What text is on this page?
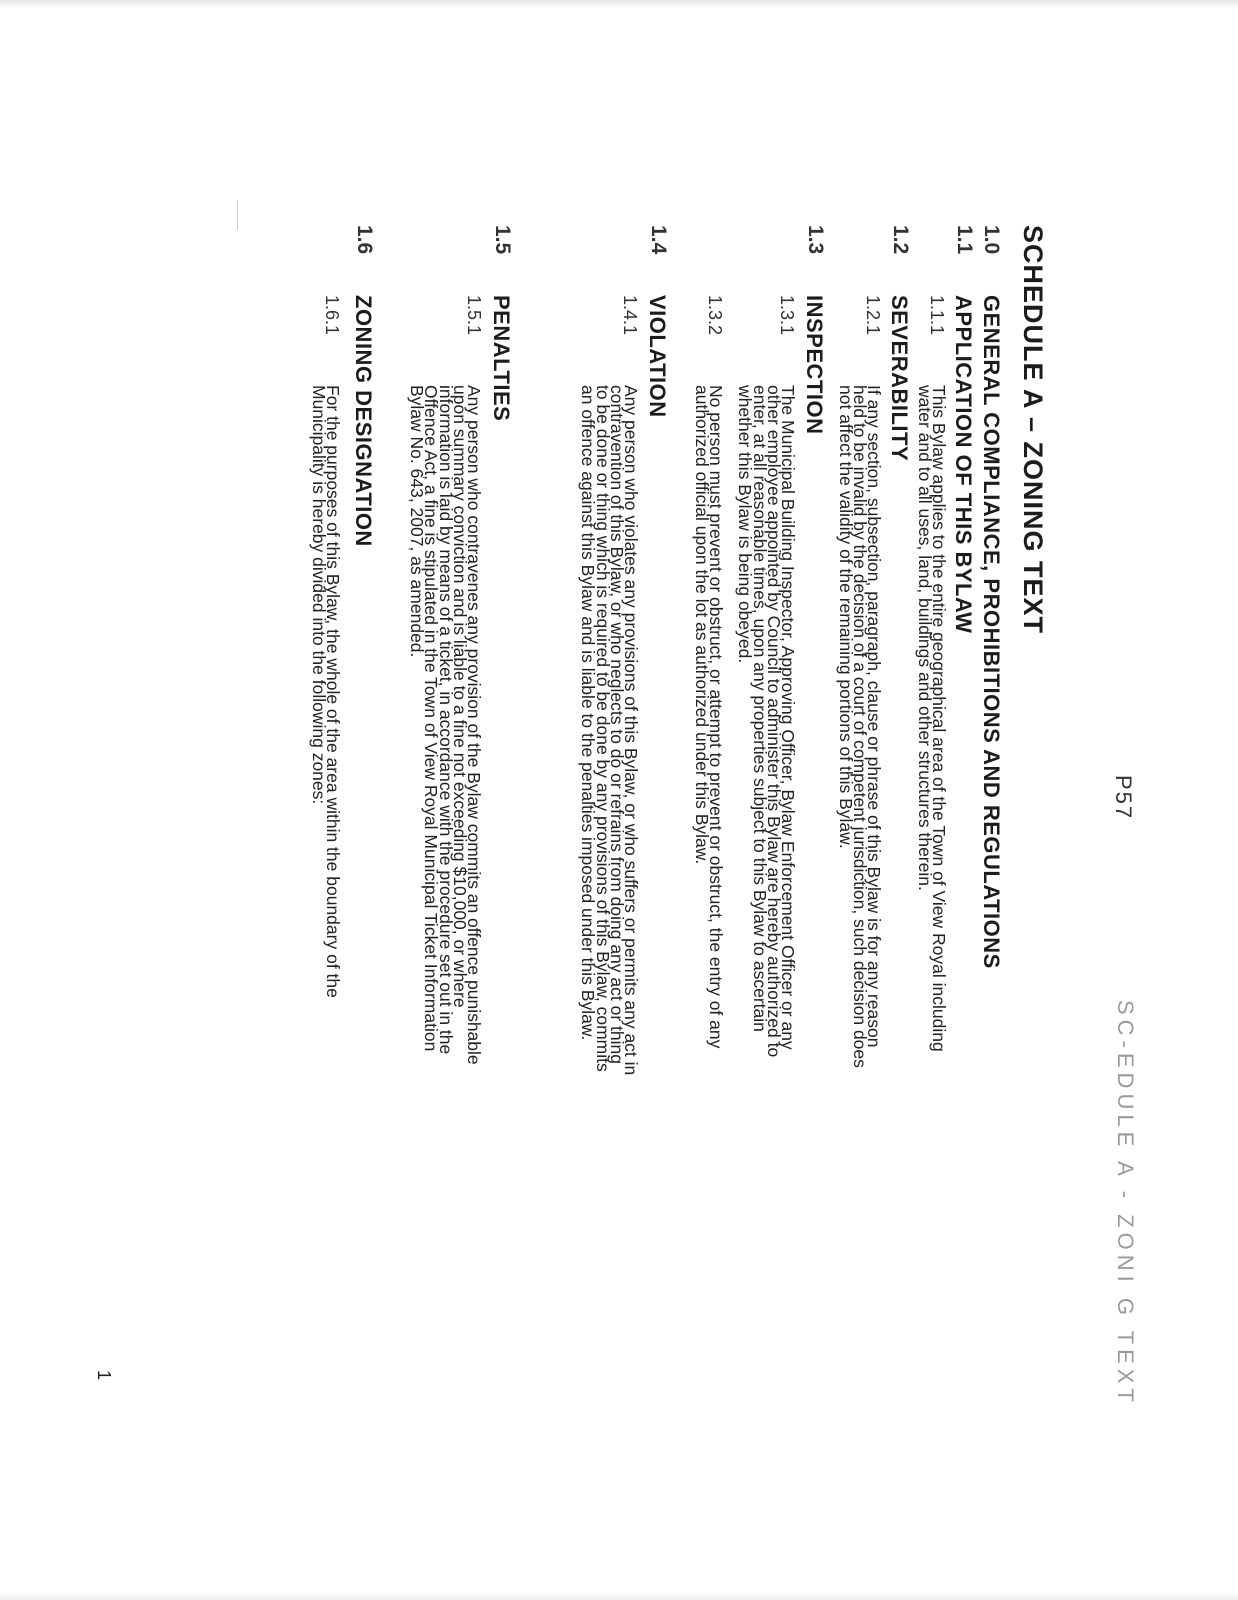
P57
SC-EDULE A - ZONI G TEXT
SCHEDULE A – ZONING TEXT
1.0
GENERAL COMPLIANCE, PROHIBITIONS AND REGULATIONS
1.1
APPLICATION OF THIS BYLAW
1.1.1
This Bylaw applies to the entire geographical area of the Town of View Royal including
water and to all uses, land, buildings and other structures therein.
1.2
SEVERABILITY
1.2.1
If any section, subsection, paragraph, clause or phrase of this Bylaw is for any reason
held to be invalid by the decision of a court of competent jurisdiction, such decision does
not affect the validity of the remaining portions of this Bylaw.
1.3
INSPECTION
1.3.1
The Municipal Building Inspector, Approving Officer, Bylaw Enforcement Officer or any
other employee appointed by Council to administer this Bylaw are hereby authorized to
enter, at all reasonable times, upon any properties subject to this Bylaw to ascertain
whether this Bylaw is being obeyed.
1.3.2
No person must prevent or obstruct, or attempt to prevent or obstruct, the entry of any
authorized official upon the lot as authorized under this Bylaw.
1.4
VIOLATION
1.4.1
Any person who violates any provisions of this Bylaw, or who suffers or permits any act in
contravention of this Bylaw, or who neglects to do or refrains from doing any act or thing
to be done or thing which is required to be done by any provisions of this Bylaw, commits
an offence against this Bylaw and is liable to the penalties imposed under this Bylaw.
1.5
PENALTIES
1.5.1
Any person who contravenes any provision of the Bylaw commits an offence punishable
upon summary conviction and is liable to a fine not exceeding $10,000, or where
information is laid by means of a ticket, in accordance with the procedure set out in the
Offence Act, a fine is stipulated in the Town of View Royal Municipal Ticket Information
Bylaw No. 643, 2007, as amended.
1.6
ZONING DESIGNATION
1.6.1
For the purposes of this Bylaw, the whole of the area within the boundary of the
Municipality is hereby divided into the following zones:
1
